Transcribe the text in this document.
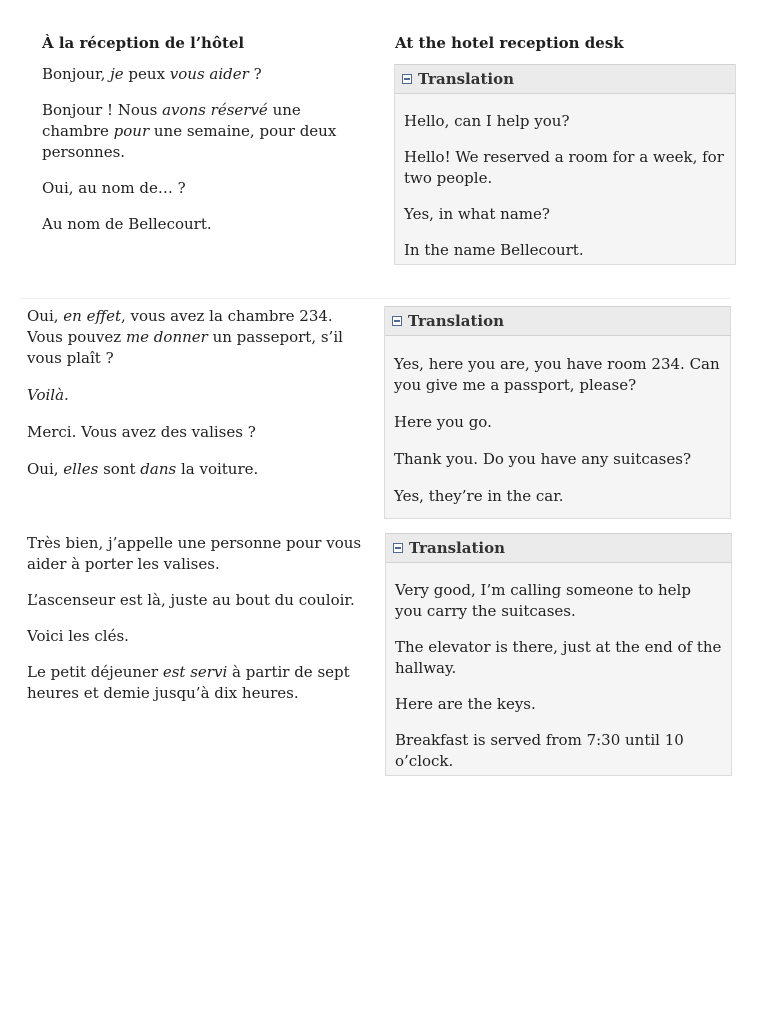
À la réception de l’hôtel	At the hotel reception desk

Bonjour, je peux vous aider ?

Bonjour ! Nous avons réservé une chambre pour une semaine, pour deux personnes.

Oui, au nom de… ?

Au nom de Bellecourt.

Translation

Hello, can I help you?

Hello! We reserved a room for a week, for two people.

Yes, in what name?

In the name Bellecourt.

Oui, en effet, vous avez la chambre 234. Vous pouvez me donner un passeport, s’il vous plaît ?

Voilà.

Merci. Vous avez des valises ?

Oui, elles sont dans la voiture.

Translation

Yes, here you are, you have room 234. Can you give me a passport, please?

Here you go.

Thank you. Do you have any suitcases?

Yes, they’re in the car.

Très bien, j’appelle une personne pour vous aider à porter les valises.

L’ascenseur est là, juste au bout du couloir.

Voici les clés.

Le petit déjeuner est servi à partir de sept heures et demie jusqu’à dix heures.

Translation

Very good, I’m calling someone to help you carry the suitcases.

The elevator is there, just at the end of the hallway.

Here are the keys.

Breakfast is served from 7:30 until 10 o’clock.
